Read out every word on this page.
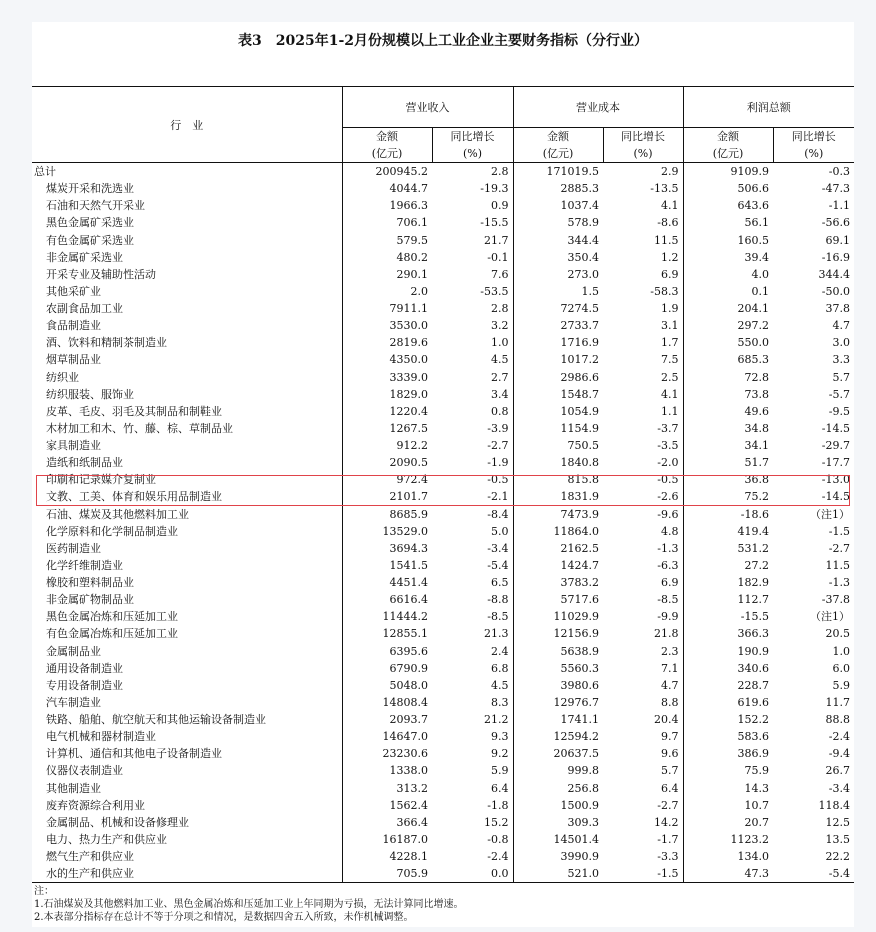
表3　2025年1-2月份规模以上工业企业主要财务指标（分行业）
行　业	营业收入		营业成本		利润总额	
	金额	同比增长	金额	同比增长	金额	同比增长
	(亿元)	(%)	(亿元)	(%)	(亿元)	(%)
总计	200945.2	2.8	171019.5	2.9	9109.9	-0.3
煤炭开采和洗选业	4044.7	-19.3	2885.3	-13.5	506.6	-47.3
石油和天然气开采业	1966.3	0.9	1037.4	4.1	643.6	-1.1
黑色金属矿采选业	706.1	-15.5	578.9	-8.6	56.1	-56.6
有色金属矿采选业	579.5	21.7	344.4	11.5	160.5	69.1
非金属矿采选业	480.2	-0.1	350.4	1.2	39.4	-16.9
开采专业及辅助性活动	290.1	7.6	273.0	6.9	4.0	344.4
其他采矿业	2.0	-53.5	1.5	-58.3	0.1	-50.0
农副食品加工业	7911.1	2.8	7274.5	1.9	204.1	37.8
食品制造业	3530.0	3.2	2733.7	3.1	297.2	4.7
酒、饮料和精制茶制造业	2819.6	1.0	1716.9	1.7	550.0	3.0
烟草制品业	4350.0	4.5	1017.2	7.5	685.3	3.3
纺织业	3339.0	2.7	2986.6	2.5	72.8	5.7
纺织服装、服饰业	1829.0	3.4	1548.7	4.1	73.8	-5.7
皮革、毛皮、羽毛及其制品和制鞋业	1220.4	0.8	1054.9	1.1	49.6	-9.5
木材加工和木、竹、藤、棕、草制品业	1267.5	-3.9	1154.9	-3.7	34.8	-14.5
家具制造业	912.2	-2.7	750.5	-3.5	34.1	-29.7
造纸和纸制品业	2090.5	-1.9	1840.8	-2.0	51.7	-17.7
印刷和记录媒介复制业	972.4	-0.5	815.8	-0.5	36.8	-13.0
文教、工美、体育和娱乐用品制造业	2101.7	-2.1	1831.9	-2.6	75.2	-14.5
石油、煤炭及其他燃料加工业	8685.9	-8.4	7473.9	-9.6	-18.6	（注1）
化学原料和化学制品制造业	13529.0	5.0	11864.0	4.8	419.4	-1.5
医药制造业	3694.3	-3.4	2162.5	-1.3	531.2	-2.7
化学纤维制造业	1541.5	-5.4	1424.7	-6.3	27.2	11.5
橡胶和塑料制品业	4451.4	6.5	3783.2	6.9	182.9	-1.3
非金属矿物制品业	6616.4	-8.8	5717.6	-8.5	112.7	-37.8
黑色金属冶炼和压延加工业	11444.2	-8.5	11029.9	-9.9	-15.5	（注1）
有色金属冶炼和压延加工业	12855.1	21.3	12156.9	21.8	366.3	20.5
金属制品业	6395.6	2.4	5638.9	2.3	190.9	1.0
通用设备制造业	6790.9	6.8	5560.3	7.1	340.6	6.0
专用设备制造业	5048.0	4.5	3980.6	4.7	228.7	5.9
汽车制造业	14808.4	8.3	12976.7	8.8	619.6	11.7
铁路、船舶、航空航天和其他运输设备制造业	2093.7	21.2	1741.1	20.4	152.2	88.8
电气机械和器材制造业	14647.0	9.3	12594.2	9.7	583.6	-2.4
计算机、通信和其他电子设备制造业	23230.6	9.2	20637.5	9.6	386.9	-9.4
仪器仪表制造业	1338.0	5.9	999.8	5.7	75.9	26.7
其他制造业	313.2	6.4	256.8	6.4	14.3	-3.4
废弃资源综合利用业	1562.4	-1.8	1500.9	-2.7	10.7	118.4
金属制品、机械和设备修理业	366.4	15.2	309.3	14.2	20.7	12.5
电力、热力生产和供应业	16187.0	-0.8	14501.4	-1.7	1123.2	13.5
燃气生产和供应业	4228.1	-2.4	3990.9	-3.3	134.0	22.2
水的生产和供应业	705.9	0.0	521.0	-1.5	47.3	-5.4
注：
1.石油煤炭及其他燃料加工业、黑色金属冶炼和压延加工业上年同期为亏损，无法计算同比增速。
2.本表部分指标存在总计不等于分项之和情况，是数据四舍五入所致，未作机械调整。
